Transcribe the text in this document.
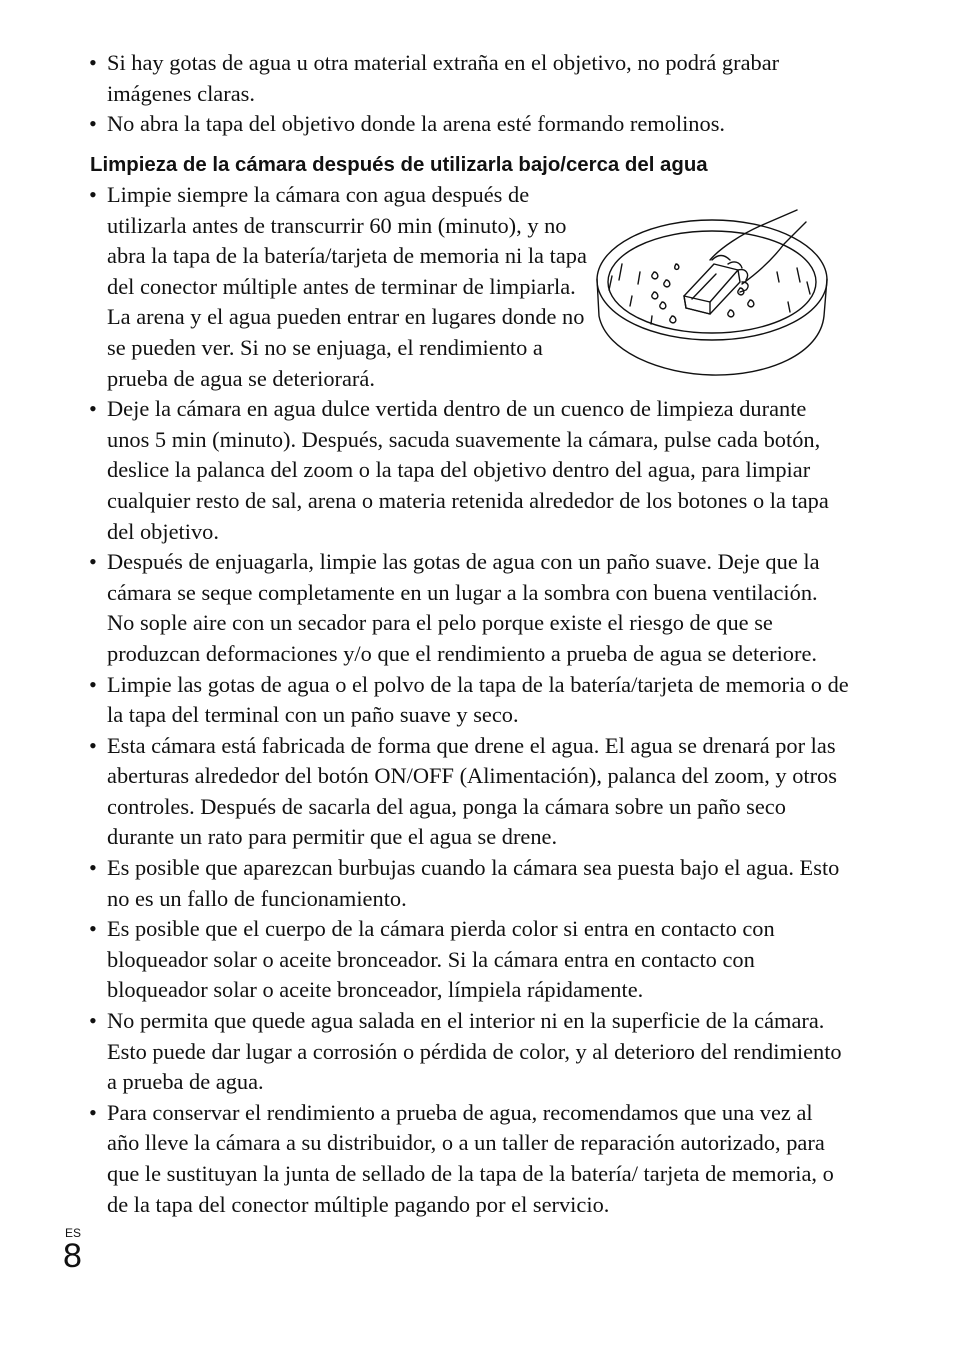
• Si hay gotas de agua u otra material extraña en el objetivo, no podrá grabar imágenes claras.
• No abra la tapa del objetivo donde la arena esté formando remolinos.
Limpieza de la cámara después de utilizarla bajo/cerca del agua
• Limpie siempre la cámara con agua después de utilizarla antes de transcurrir 60 min (minuto), y no abra la tapa de la batería/tarjeta de memoria ni la tapa del conector múltiple antes de terminar de limpiarla. La arena y el agua pueden entrar en lugares donde no se pueden ver. Si no se enjuaga, el rendimiento a prueba de agua se deteriorará.
• Deje la cámara en agua dulce vertida dentro de un cuenco de limpieza durante unos 5 min (minuto). Después, sacuda suavemente la cámara, pulse cada botón, deslice la palanca del zoom o la tapa del objetivo dentro del agua, para limpiar cualquier resto de sal, arena o materia retenida alrededor de los botones o la tapa del objetivo.
• Después de enjuagarla, limpie las gotas de agua con un paño suave. Deje que la cámara se seque completamente en un lugar a la sombra con buena ventilación. No sople aire con un secador para el pelo porque existe el riesgo de que se produzcan deformaciones y/o que el rendimiento a prueba de agua se deteriore.
• Limpie las gotas de agua o el polvo de la tapa de la batería/tarjeta de memoria o de la tapa del terminal con un paño suave y seco.
• Esta cámara está fabricada de forma que drene el agua. El agua se drenará por las aberturas alrededor del botón ON/OFF (Alimentación), palanca del zoom, y otros controles. Después de sacarla del agua, ponga la cámara sobre un paño seco durante un rato para permitir que el agua se drene.
• Es posible que aparezcan burbujas cuando la cámara sea puesta bajo el agua. Esto no es un fallo de funcionamiento.
• Es posible que el cuerpo de la cámara pierda color si entra en contacto con bloqueador solar o aceite bronceador. Si la cámara entra en contacto con bloqueador solar o aceite bronceador, límpiela rápidamente.
• No permita que quede agua salada en el interior ni en la superficie de la cámara. Esto puede dar lugar a corrosión o pérdida de color, y al deterioro del rendimiento a prueba de agua.
• Para conservar el rendimiento a prueba de agua, recomendamos que una vez al año lleve la cámara a su distribuidor, o a un taller de reparación autorizado, para que le sustituyan la junta de sellado de la tapa de la batería/ tarjeta de memoria, o de la tapa del conector múltiple pagando por el servicio.
ES
8
